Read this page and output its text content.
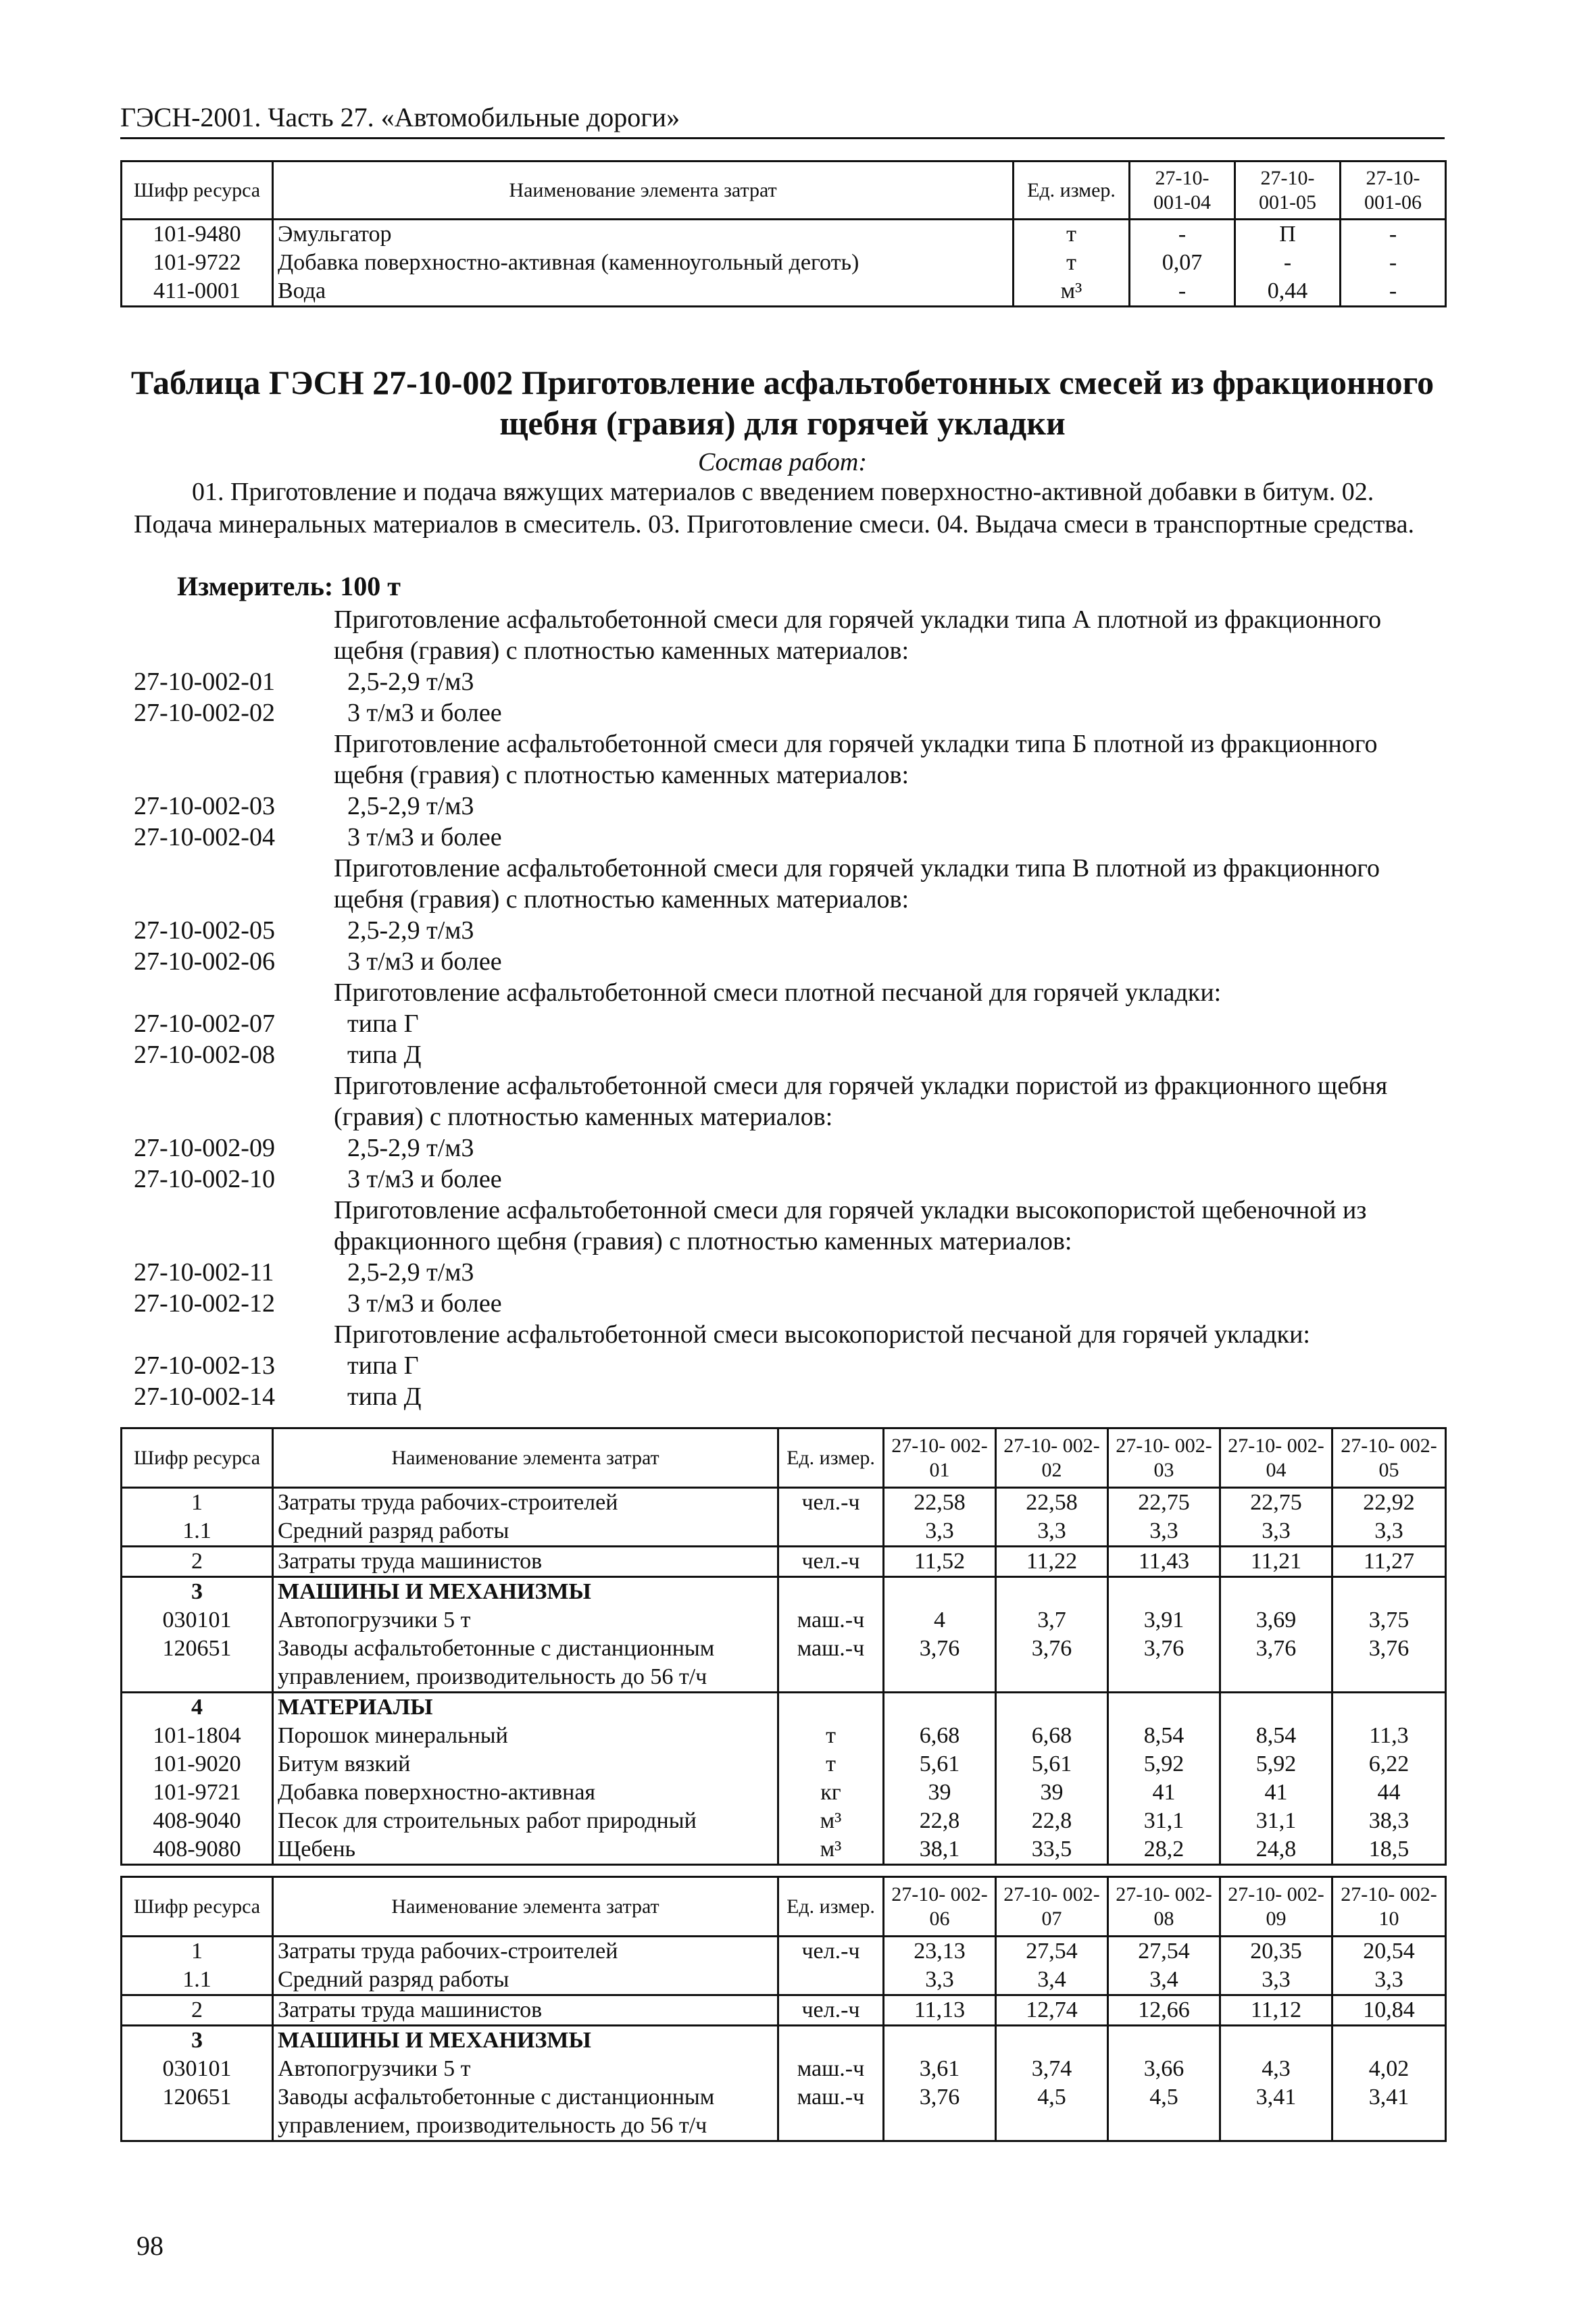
ГЭСН-2001. Часть 27. «Автомобильные дороги»
Шифр ресурса	Наименование элемента затрат	Ед. измер.	27-10- 001-04	27-10- 001-05	27-10- 001-06
101-9480	Эмульгатор	т	-	П	-
101-9722	Добавка поверхностно-активная (каменноугольный деготь)	т	0,07	-	-
411-0001	Вода	м³	-	0,44	-
Таблица ГЭСН 27-10-002 Приготовление асфальтобетонных смесей из фракционного щебня (гравия) для горячей укладки
Состав работ:
01. Приготовление и подача вяжущих материалов с введением поверхностно-активной добавки в битум. 02. Подача минеральных материалов в смеситель. 03. Приготовление смеси. 04. Выдача смеси в транспортные средства.
Измеритель: 100 т
Приготовление асфальтобетонной смеси для горячей укладки типа А плотной из фракционного щебня (гравия) с плотностью каменных материалов:
27-10-002-01	2,5-2,9 т/м3
27-10-002-02	3 т/м3 и более
Приготовление асфальтобетонной смеси для горячей укладки типа Б плотной из фракционного щебня (гравия) с плотностью каменных материалов:
27-10-002-03	2,5-2,9 т/м3
27-10-002-04	3 т/м3 и более
Приготовление асфальтобетонной смеси для горячей укладки типа В плотной из фракционного щебня (гравия) с плотностью каменных материалов:
27-10-002-05	2,5-2,9 т/м3
27-10-002-06	3 т/м3 и более
Приготовление асфальтобетонной смеси плотной песчаной для горячей укладки:
27-10-002-07	типа Г
27-10-002-08	типа Д
Приготовление асфальтобетонной смеси для горячей укладки пористой из фракционного щебня (гравия) с плотностью каменных материалов:
27-10-002-09	2,5-2,9 т/м3
27-10-002-10	3 т/м3 и более
Приготовление асфальтобетонной смеси для горячей укладки высокопористой щебеночной из фракционного щебня (гравия) с плотностью каменных материалов:
27-10-002-11	2,5-2,9 т/м3
27-10-002-12	3 т/м3 и более
Приготовление асфальтобетонной смеси высокопористой песчаной для горячей укладки:
27-10-002-13	типа Г
27-10-002-14	типа Д
Шифр ресурса	Наименование элемента затрат	Ед. измер.	27-10- 002-01	27-10- 002-02	27-10- 002-03	27-10- 002-04	27-10- 002-05
1	Затраты труда рабочих-строителей	чел.-ч	22,58	22,58	22,75	22,75	22,92
1.1	Средний разряд работы		3,3	3,3	3,3	3,3	3,3
2	Затраты труда машинистов	чел.-ч	11,52	11,22	11,43	11,21	11,27
3	МАШИНЫ И МЕХАНИЗМЫ						
030101	Автопогрузчики 5 т	маш.-ч	4	3,7	3,91	3,69	3,75
120651	Заводы асфальтобетонные с дистанционным управлением, производительность до 56 т/ч	маш.-ч	3,76	3,76	3,76	3,76	3,76
4	МАТЕРИАЛЫ						
101-1804	Порошок минеральный	т	6,68	6,68	8,54	8,54	11,3
101-9020	Битум вязкий	т	5,61	5,61	5,92	5,92	6,22
101-9721	Добавка поверхностно-активная	кг	39	39	41	41	44
408-9040	Песок для строительных работ природный	м³	22,8	22,8	31,1	31,1	38,3
408-9080	Щебень	м³	38,1	33,5	28,2	24,8	18,5
Шифр ресурса	Наименование элемента затрат	Ед. измер.	27-10- 002-06	27-10- 002-07	27-10- 002-08	27-10- 002-09	27-10- 002-10
1	Затраты труда рабочих-строителей	чел.-ч	23,13	27,54	27,54	20,35	20,54
1.1	Средний разряд работы		3,3	3,4	3,4	3,3	3,3
2	Затраты труда машинистов	чел.-ч	11,13	12,74	12,66	11,12	10,84
3	МАШИНЫ И МЕХАНИЗМЫ						
030101	Автопогрузчики 5 т	маш.-ч	3,61	3,74	3,66	4,3	4,02
120651	Заводы асфальтобетонные с дистанционным управлением, производительность до 56 т/ч	маш.-ч	3,76	4,5	4,5	3,41	3,41
98
